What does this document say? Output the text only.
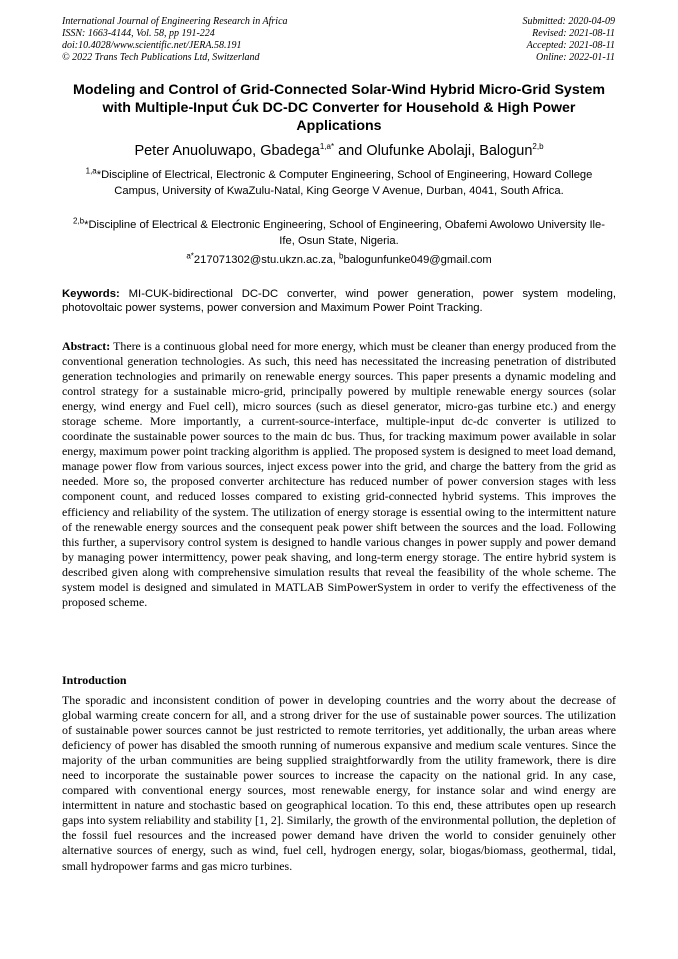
International Journal of Engineering Research in Africa
ISSN: 1663-4144, Vol. 58, pp 191-224
doi:10.4028/www.scientific.net/JERA.58.191
© 2022 Trans Tech Publications Ltd, Switzerland
Submitted: 2020-04-09
Revised: 2021-08-11
Accepted: 2021-08-11
Online: 2022-01-11
Modeling and Control of Grid-Connected Solar-Wind Hybrid Micro-Grid System with Multiple-Input Ćuk DC-DC Converter for Household & High Power Applications
Peter Anuoluwapo, Gbadega$^{1,a*}$ and Olufunke Abolaji, Balogun$^{2,b}$
$^{1,a}$*Discipline of Electrical, Electronic & Computer Engineering, School of Engineering, Howard College Campus, University of KwaZulu-Natal, King George V Avenue, Durban, 4041, South Africa.
$^{2,b}$*Discipline of Electrical & Electronic Engineering, School of Engineering, Obafemi Awolowo University Ile-Ife, Osun State, Nigeria.
$^{a*}$217071302@stu.ukzn.ac.za, $^b$balogunfunke049@gmail.com
Keywords: MI-CUK-bidirectional DC-DC converter, wind power generation, power system modeling, photovoltaic power systems, power conversion and Maximum Power Point Tracking.
Abstract: There is a continuous global need for more energy, which must be cleaner than energy produced from the conventional generation technologies. As such, this need has necessitated the increasing penetration of distributed generation technologies and primarily on renewable energy sources. This paper presents a dynamic modeling and control strategy for a sustainable micro-grid, principally powered by multiple renewable energy sources (solar energy, wind energy and Fuel cell), micro sources (such as diesel generator, micro-gas turbine etc.) and energy storage scheme. More importantly, a current-source-interface, multiple-input dc-dc converter is utilized to coordinate the sustainable power sources to the main dc bus. Thus, for tracking maximum power available in solar energy, maximum power point tracking algorithm is applied. The proposed system is designed to meet load demand, manage power flow from various sources, inject excess power into the grid, and charge the battery from the grid as needed. More so, the proposed converter architecture has reduced number of power conversion stages with less component count, and reduced losses compared to existing grid-connected hybrid systems. This improves the efficiency and reliability of the system. The utilization of energy storage is essential owing to the intermittent nature of the renewable energy sources and the consequent peak power shift between the sources and the load. Following this further, a supervisory control system is designed to handle various changes in power supply and power demand by managing power intermittency, power peak shaving, and long-term energy storage. The entire hybrid system is described given along with comprehensive simulation results that reveal the feasibility of the whole scheme. The system model is designed and simulated in MATLAB SimPowerSystem in order to verify the effectiveness of the proposed scheme.
Introduction
The sporadic and inconsistent condition of power in developing countries and the worry about the decrease of global warming create concern for all, and a strong driver for the use of sustainable power sources. The utilization of sustainable power sources cannot be just restricted to remote territories, yet additionally, the urban areas where deficiency of power has disabled the smooth running of numerous expansive and medium scale ventures. Since the majority of the urban communities are being supplied straightforwardly from the utility framework, there is dire need to incorporate the sustainable power sources to increase the capacity on the national grid. In any case, compared with conventional energy sources, most renewable energy, for instance solar and wind energy are intermittent in nature and stochastic based on geographical location. To this end, these attributes open up research gaps into system reliability and stability [1, 2]. Similarly, the growth of the environmental pollution, the depletion of the fossil fuel resources and the increased power demand have driven the world to consider genuinely other alternative sources of energy, such as wind, fuel cell, hydrogen energy, solar, biogas/biomass, geothermal, tidal, small hydropower farms and gas micro turbines.
